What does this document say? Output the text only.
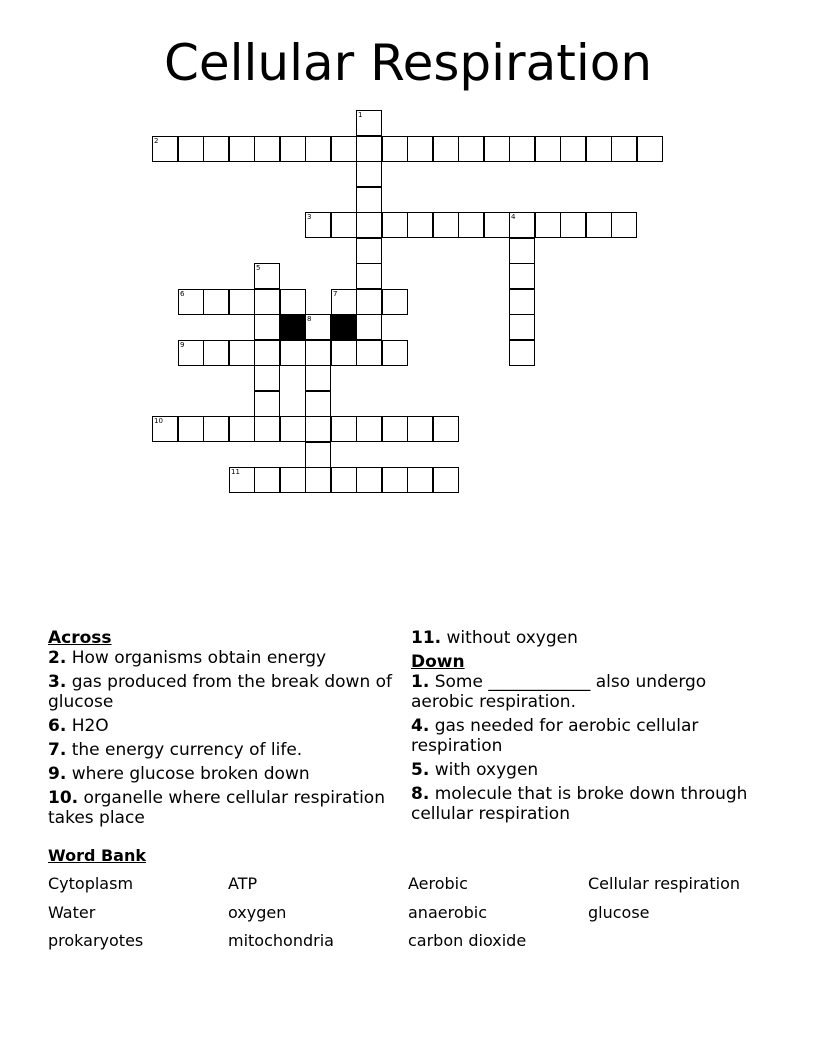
Cellular Respiration
1
2
3	4
5
6	7
8
9
10
11
Across
2. How organisms obtain energy
3. gas produced from the break down of glucose
6. H2O
7. the energy currency of life.
9. where glucose broken down
10. organelle where cellular respiration takes place
11. without oxygen
Down
1. Some ____________ also undergo aerobic respiration.
4. gas needed for aerobic cellular respiration
5. with oxygen
8. molecule that is broke down through cellular respiration
Word Bank
Cytoplasm	ATP	Aerobic	Cellular respiration
Water	oxygen	anaerobic	glucose
prokaryotes	mitochondria	carbon dioxide
